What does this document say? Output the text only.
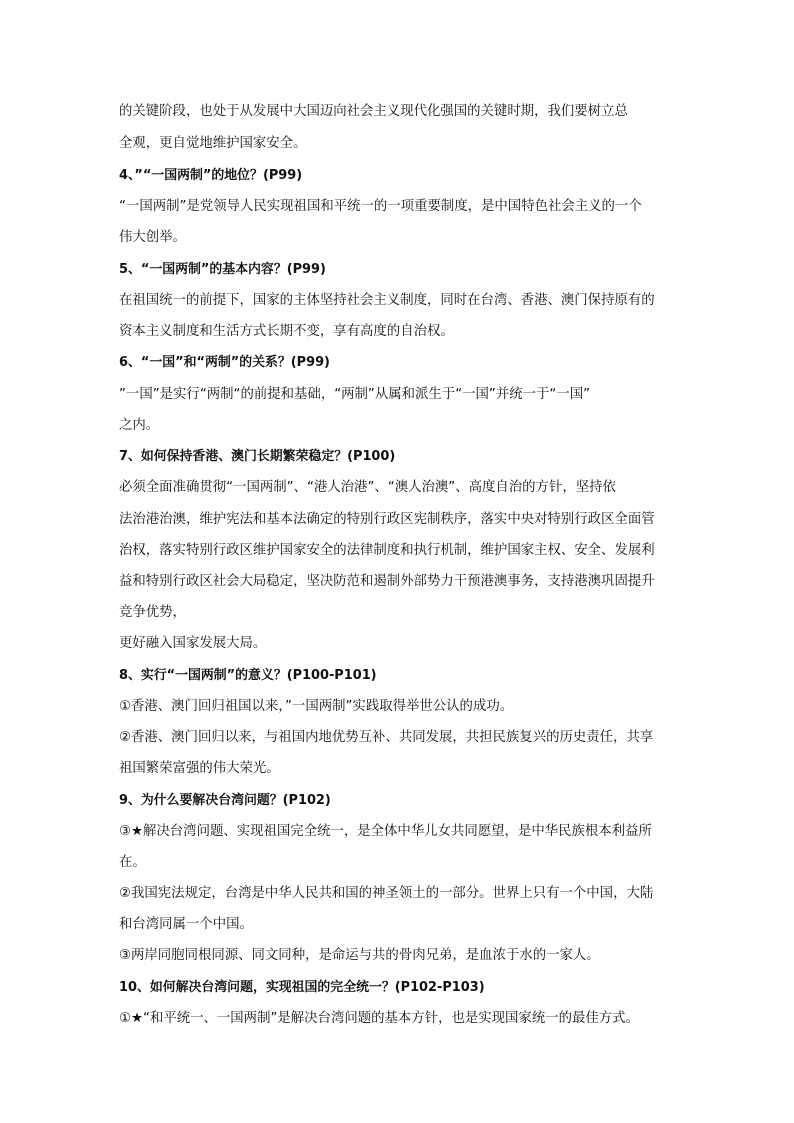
的关键阶段，也处于从发展中大国迈向社会主义现代化强国的关键时期，我们要树立总
全观，更自觉地维护国家安全。
4、”“一国两制”的地位？(P99)
“一国两制”是党领导人民实现祖国和平统一的一项重要制度，是中国特色社会主义的一个
伟大创举。
5、“一国两制”的基本内容？(P99)
在祖国统一的前提下，国家的主体坚持社会主义制度，同时在台湾、香港、澳门保持原有的
资本主义制度和生活方式长期不变，享有高度的自治权。
6、“一国”和“两制”的关系？(P99)
”一国”是实行“两制“的前提和基础，“两制”从属和派生于“一国”并统一于“一国”
之内。
7、如何保持香港、澳门长期繁荣稳定？(P100)
必须全面准确贯彻“一国两制”、“港人治港”、“澳人治澳”、高度自治的方针，坚持依
法治港治澳，维护宪法和基本法确定的特别行政区宪制秩序，落实中央对特别行政区全面管
治权，落实特别行政区维护国家安全的法律制度和执行机制，维护国家主权、安全、发展利
益和特别行政区社会大局稳定，坚决防范和遏制外部势力干预港澳事务，支持港澳巩固提升
竞争优势，
更好融入国家发展大局。
8、实行“一国两制”的意义？(P100-P101)
①香港、澳门回归祖国以来，”一国两制”实践取得举世公认的成功。
②香港、澳门回归以来，与祖国内地优势互补、共同发展，共担民族复兴的历史责任，共享
祖国繁荣富强的伟大荣光。
9、为什么要解决台湾问题？(P102)
③★解决台湾问题、实现祖国完全统一，是全体中华儿女共同愿望，是中华民族根本利益所
在。
②我国宪法规定，台湾是中华人民共和国的神圣领土的一部分。世界上只有一个中国，大陆
和台湾同属一个中国。
③两岸同胞同根同源、同文同种，是命运与共的骨肉兄弟，是血浓于水的一家人。
10、如何解决台湾问题，实现祖国的完全统一？(P102-P103)
①★“和平统一、一国两制”是解决台湾问题的基本方针，也是实现国家统一的最佳方式。
